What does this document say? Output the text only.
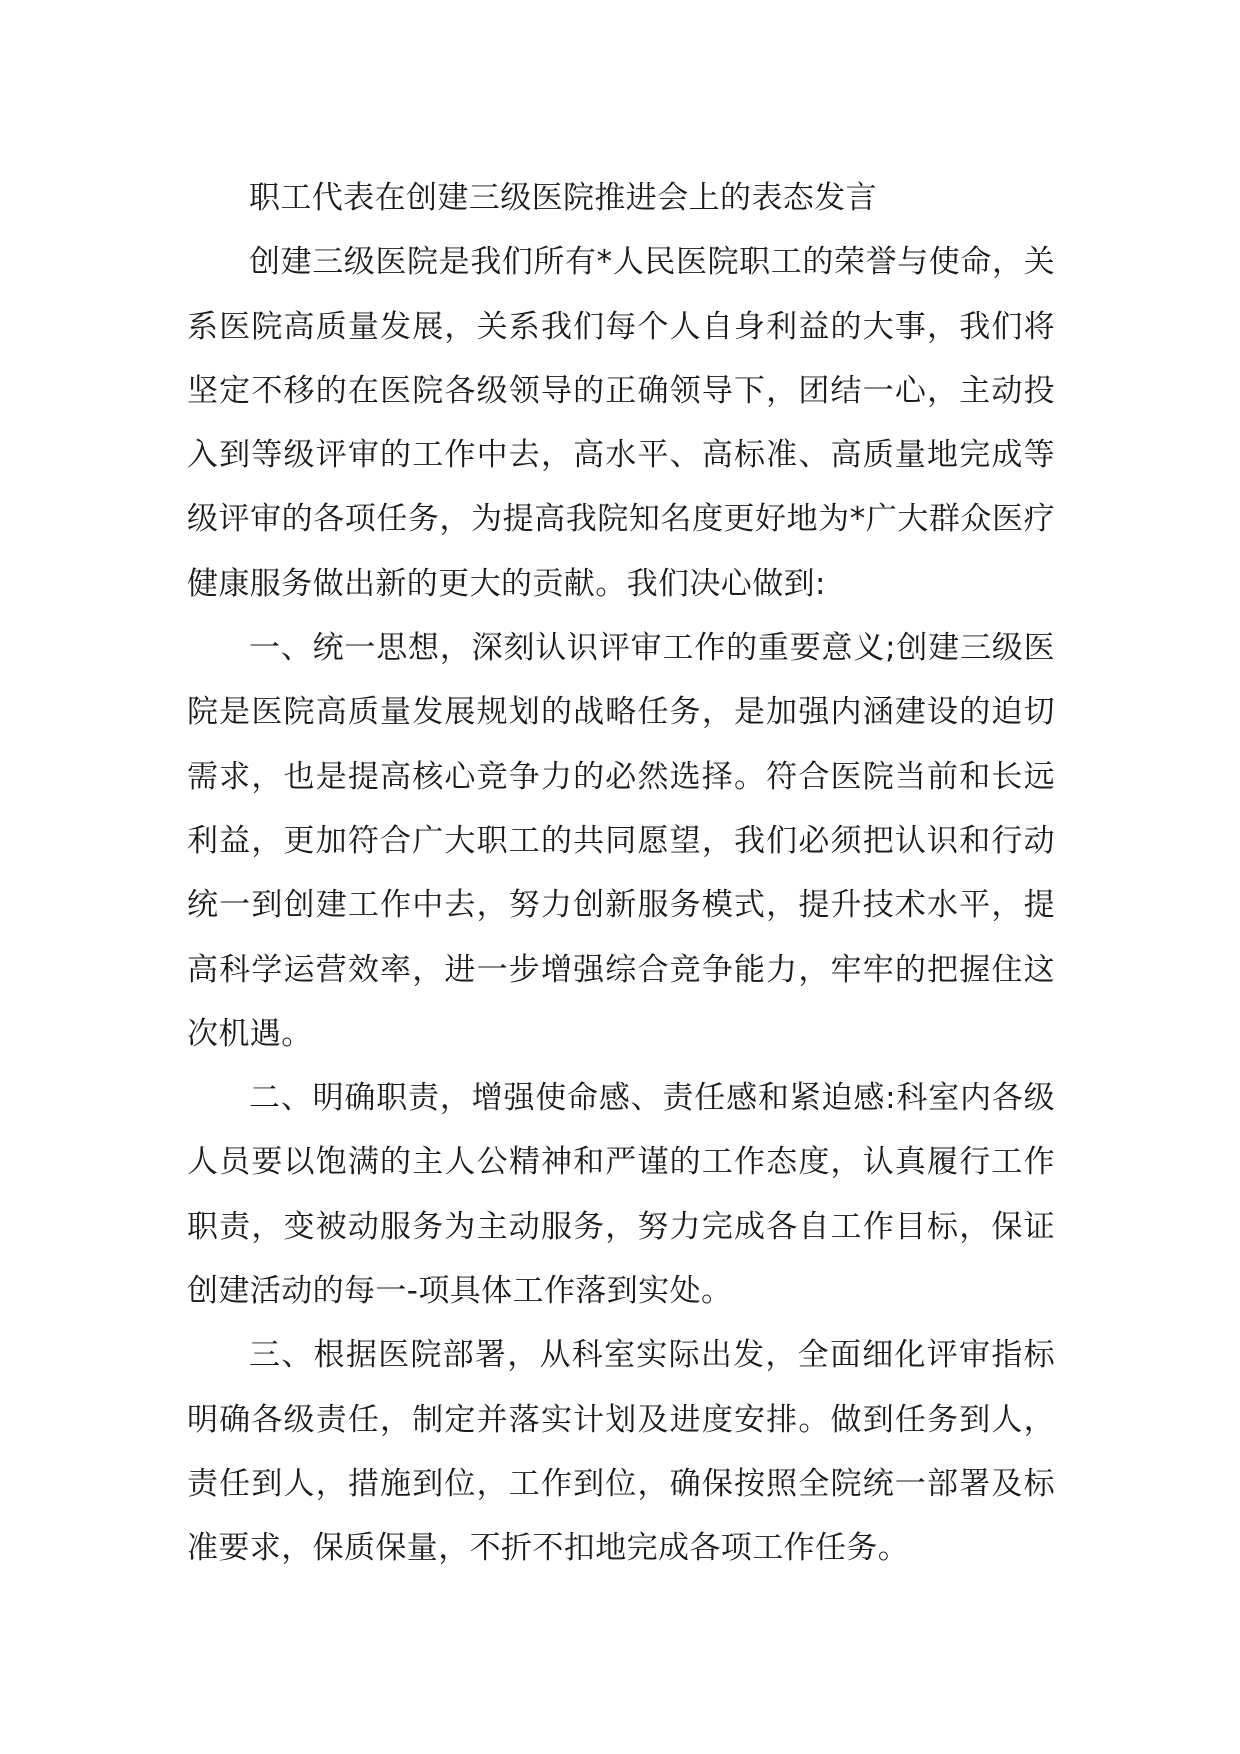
职工代表在创建三级医院推进会上的表态发言

创建三级医院是我们所有*人民医院职工的荣誉与使命，关系医院高质量发展，关系我们每个人自身利益的大事，我们将坚定不移的在医院各级领导的正确领导下，团结一心，主动投入到等级评审的工作中去，高水平、高标准、高质量地完成等级评审的各项任务，为提高我院知名度更好地为*广大群众医疗健康服务做出新的更大的贡献。我们决心做到:

一、统一思想，深刻认识评审工作的重要意义;创建三级医院是医院高质量发展规划的战略任务，是加强内涵建设的迫切需求，也是提高核心竞争力的必然选择。符合医院当前和长远利益，更加符合广大职工的共同愿望，我们必须把认识和行动统一到创建工作中去，努力创新服务模式，提升技术水平，提高科学运营效率，进一步增强综合竞争能力，牢牢的把握住这次机遇。

二、明确职责，增强使命感、责任感和紧迫感:科室内各级人员要以饱满的主人公精神和严谨的工作态度，认真履行工作职责，变被动服务为主动服务，努力完成各自工作目标，保证创建活动的每一-项具体工作落到实处。

三、根据医院部署，从科室实际出发，全面细化评审指标明确各级责任，制定并落实计划及进度安排。做到任务到人，责任到人，措施到位，工作到位，确保按照全院统一部署及标准要求，保质保量，不折不扣地完成各项工作任务。
